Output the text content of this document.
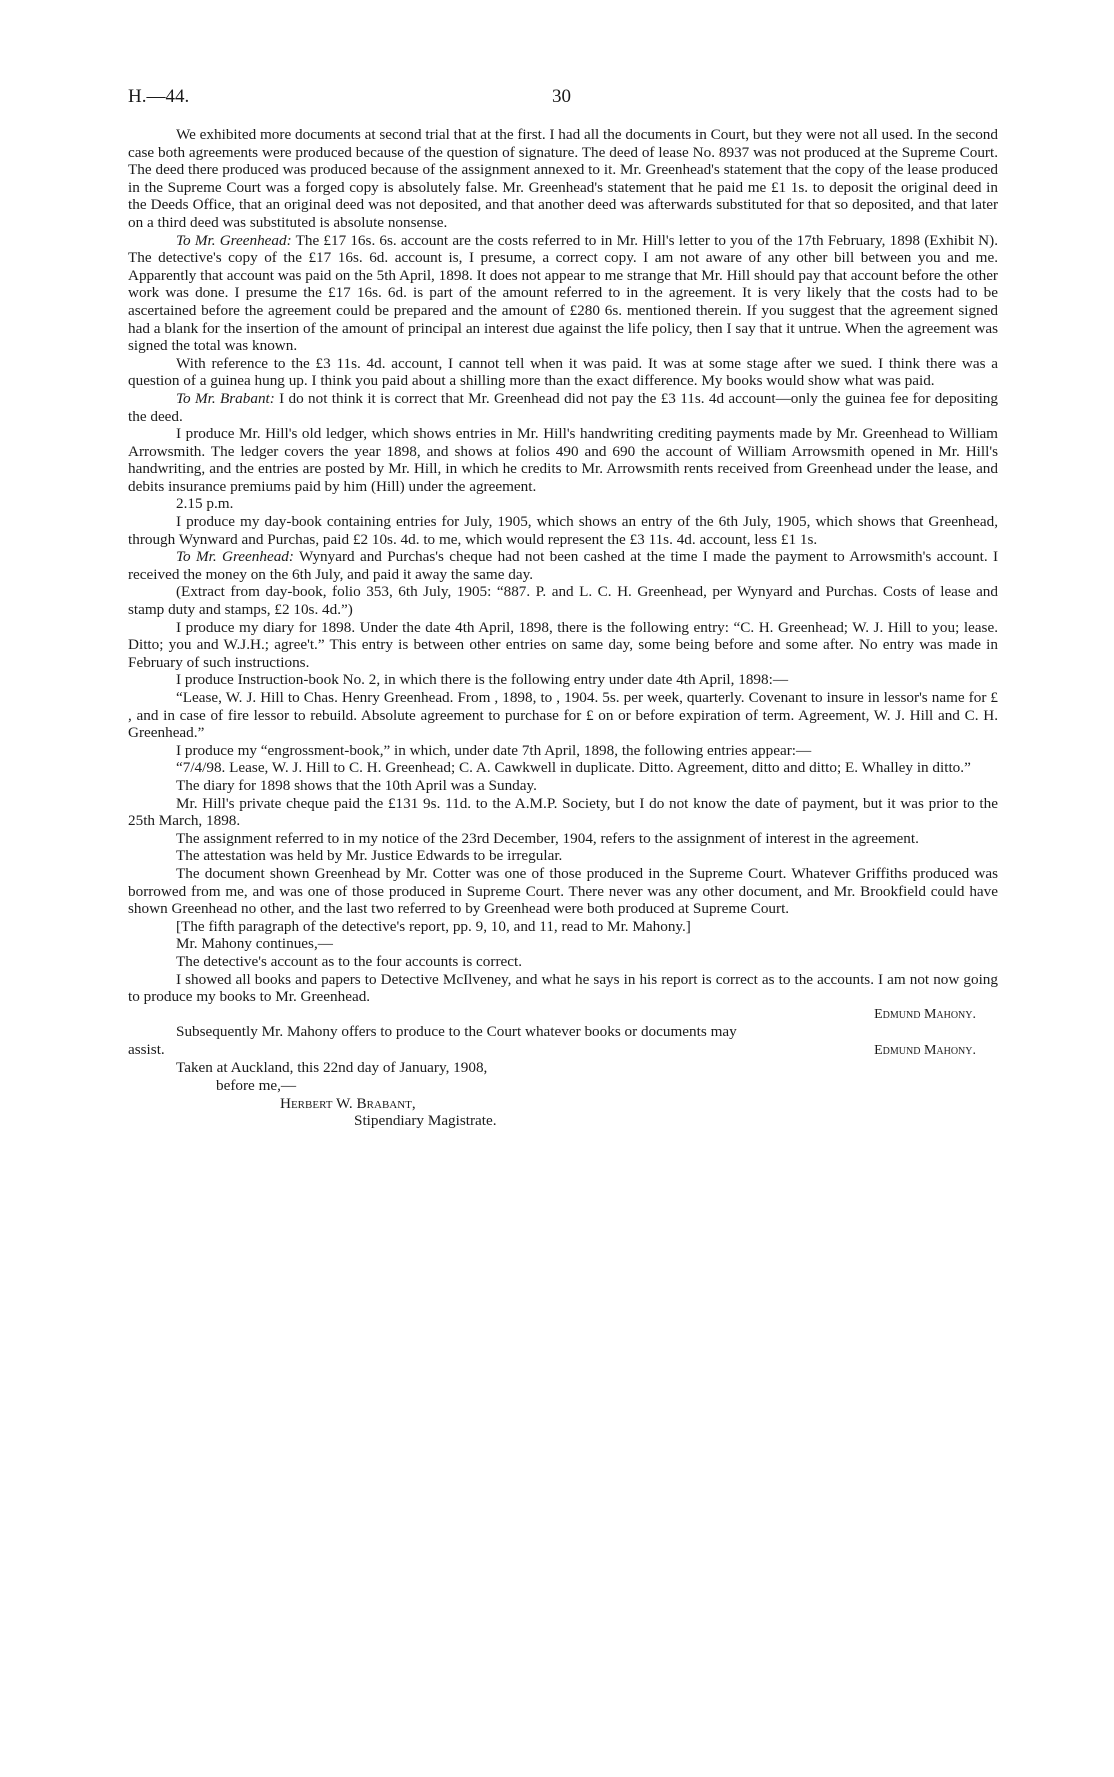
H.—44.	30

We exhibited more documents at second trial that at the first. I had all the documents in Court, but they were not all used. In the second case both agreements were produced because of the question of signature. The deed of lease No. 8937 was not produced at the Supreme Court. The deed there produced was produced because of the assignment annexed to it. Mr. Greenhead's statement that the copy of the lease produced in the Supreme Court was a forged copy is absolutely false. Mr. Greenhead's statement that he paid me £1 1s. to deposit the original deed in the Deeds Office, that an original deed was not deposited, and that another deed was afterwards substituted for that so deposited, and that later on a third deed was substituted is absolute nonsense.

To Mr. Greenhead: The £17 16s. 6s. account are the costs referred to in Mr. Hill's letter to you of the 17th February, 1898 (Exhibit N). The detective's copy of the £17 16s. 6d. account is, I presume, a correct copy. I am not aware of any other bill between you and me. Apparently that account was paid on the 5th April, 1898. It does not appear to me strange that Mr. Hill should pay that account before the other work was done. I presume the £17 16s. 6d. is part of the amount referred to in the agreement. It is very likely that the costs had to be ascertained before the agreement could be prepared and the amount of £280 6s. mentioned therein. If you suggest that the agreement signed had a blank for the insertion of the amount of principal an interest due against the life policy, then I say that it untrue. When the agreement was signed the total was known.

With reference to the £3 11s. 4d. account, I cannot tell when it was paid. It was at some stage after we sued. I think there was a question of a guinea hung up. I think you paid about a shilling more than the exact difference. My books would show what was paid.

To Mr. Brabant: I do not think it is correct that Mr. Greenhead did not pay the £3 11s. 4d account—only the guinea fee for depositing the deed.

I produce Mr. Hill's old ledger, which shows entries in Mr. Hill's handwriting crediting payments made by Mr. Greenhead to William Arrowsmith. The ledger covers the year 1898, and shows at folios 490 and 690 the account of William Arrowsmith opened in Mr. Hill's handwriting, and the entries are posted by Mr. Hill, in which he credits to Mr. Arrowsmith rents received from Greenhead under the lease, and debits insurance premiums paid by him (Hill) under the agreement.

2.15 p.m.

I produce my day-book containing entries for July, 1905, which shows an entry of the 6th July, 1905, which shows that Greenhead, through Wynward and Purchas, paid £2 10s. 4d. to me, which would represent the £3 11s. 4d. account, less £1 1s.

To Mr. Greenhead: Wynyard and Purchas's cheque had not been cashed at the time I made the payment to Arrowsmith's account. I received the money on the 6th July, and paid it away the same day.

(Extract from day-book, folio 353, 6th July, 1905: “887. P. and L. C. H. Greenhead, per Wynyard and Purchas. Costs of lease and stamp duty and stamps, £2 10s. 4d.”)

I produce my diary for 1898. Under the date 4th April, 1898, there is the following entry: “C. H. Greenhead; W. J. Hill to you; lease. Ditto; you and W.J.H.; agree't.” This entry is between other entries on same day, some being before and some after. No entry was made in February of such instructions.

I produce Instruction-book No. 2, in which there is the following entry under date 4th April, 1898:—

“Lease, W. J. Hill to Chas. Henry Greenhead. From , 1898, to , 1904. 5s. per week, quarterly. Covenant to insure in lessor's name for £ , and in case of fire lessor to rebuild. Absolute agreement to purchase for £ on or before expiration of term. Agreement, W. J. Hill and C. H. Greenhead.”

I produce my “engrossment-book,” in which, under date 7th April, 1898, the following entries appear:—

“7/4/98. Lease, W. J. Hill to C. H. Greenhead; C. A. Cawkwell in duplicate. Ditto. Agreement, ditto and ditto; E. Whalley in ditto.”

The diary for 1898 shows that the 10th April was a Sunday.

Mr. Hill's private cheque paid the £131 9s. 11d. to the A.M.P. Society, but I do not know the date of payment, but it was prior to the 25th March, 1898.

The assignment referred to in my notice of the 23rd December, 1904, refers to the assignment of interest in the agreement.

The attestation was held by Mr. Justice Edwards to be irregular.

The document shown Greenhead by Mr. Cotter was one of those produced in the Supreme Court. Whatever Griffiths produced was borrowed from me, and was one of those produced in Supreme Court. There never was any other document, and Mr. Brookfield could have shown Greenhead no other, and the last two referred to by Greenhead were both produced at Supreme Court.

[The fifth paragraph of the detective's report, pp. 9, 10, and 11, read to Mr. Mahony.]

Mr. Mahony continues,—

The detective's account as to the four accounts is correct.

I showed all books and papers to Detective McIlveney, and what he says in his report is correct as to the accounts. I am not now going to produce my books to Mr. Greenhead.

Edmund Mahony.

Subsequently Mr. Mahony offers to produce to the Court whatever books or documents may

assist.	Edmund Mahony.
Taken at Auckland, this 22nd day of January, 1908,
before me,—
Herbert W. Brabant,
Stipendiary Magistrate.
